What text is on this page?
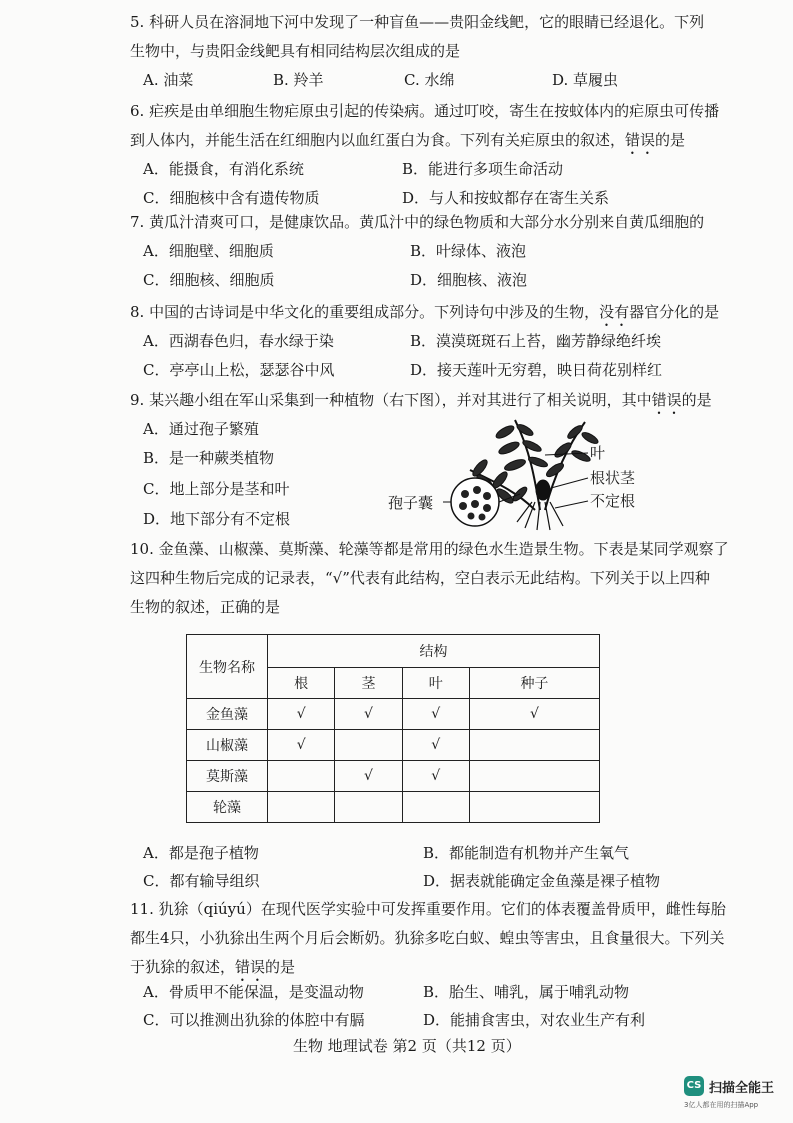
5. 科研人员在溶洞地下河中发现了一种盲鱼——贵阳金线鲃，它的眼睛已经退化。下列
生物中，与贵阳金线鲃具有相同结构层次组成的是
A. 油菜	B. 羚羊	C. 水绵	D. 草履虫
6. 疟疾是由单细胞生物疟原虫引起的传染病。通过叮咬，寄生在按蚊体内的疟原虫可传播
到人体内，并能生活在红细胞内以血红蛋白为食。下列有关疟原虫的叙述，错误的是
A．能摄食，有消化系统	B．能进行多项生命活动
C．细胞核中含有遗传物质	D．与人和按蚊都存在寄生关系
7. 黄瓜汁清爽可口，是健康饮品。黄瓜汁中的绿色物质和大部分水分别来自黄瓜细胞的
A．细胞壁、细胞质	B．叶绿体、液泡
C．细胞核、细胞质	D．细胞核、液泡
8. 中国的古诗词是中华文化的重要组成部分。下列诗句中涉及的生物，没有器官分化的是
A．西湖春色归，春水绿于染	B．漠漠斑斑石上苔，幽芳静绿绝纤埃
C．亭亭山上松，瑟瑟谷中风	D．接天莲叶无穷碧，映日荷花别样红
9. 某兴趣小组在军山采集到一种植物（右下图），并对其进行了相关说明，其中错误的是
A．通过孢子繁殖
B．是一种蕨类植物
C．地上部分是茎和叶
D．地下部分有不定根
叶
根状茎
不定根
孢子囊
10. 金鱼藻、山椒藻、莫斯藻、轮藻等都是常用的绿色水生造景生物。下表是某同学观察了
这四种生物后完成的记录表，“√”代表有此结构，空白表示无此结构。下列关于以上四种
生物的叙述，正确的是
生物名称	结构			
	根	茎	叶	种子
金鱼藻	√	√	√	√
山椒藻	√		√	
莫斯藻		√	√	
轮藻				
A．都是孢子植物	B．都能制造有机物并产生氧气
C．都有输导组织	D．据表就能确定金鱼藻是裸子植物
11. 犰狳（qiúyú）在现代医学实验中可发挥重要作用。它们的体表覆盖骨质甲，雌性每胎
都生4只，小犰狳出生两个月后会断奶。犰狳多吃白蚁、蝗虫等害虫，且食量很大。下列关
于犰狳的叙述，错误的是
A．骨质甲不能保温，是变温动物	B．胎生、哺乳，属于哺乳动物
C．可以推测出犰狳的体腔中有膈	D．能捕食害虫，对农业生产有利
生物 地理试卷 第2 页（共12 页）
CS 扫描全能王
3亿人都在用的扫描App
